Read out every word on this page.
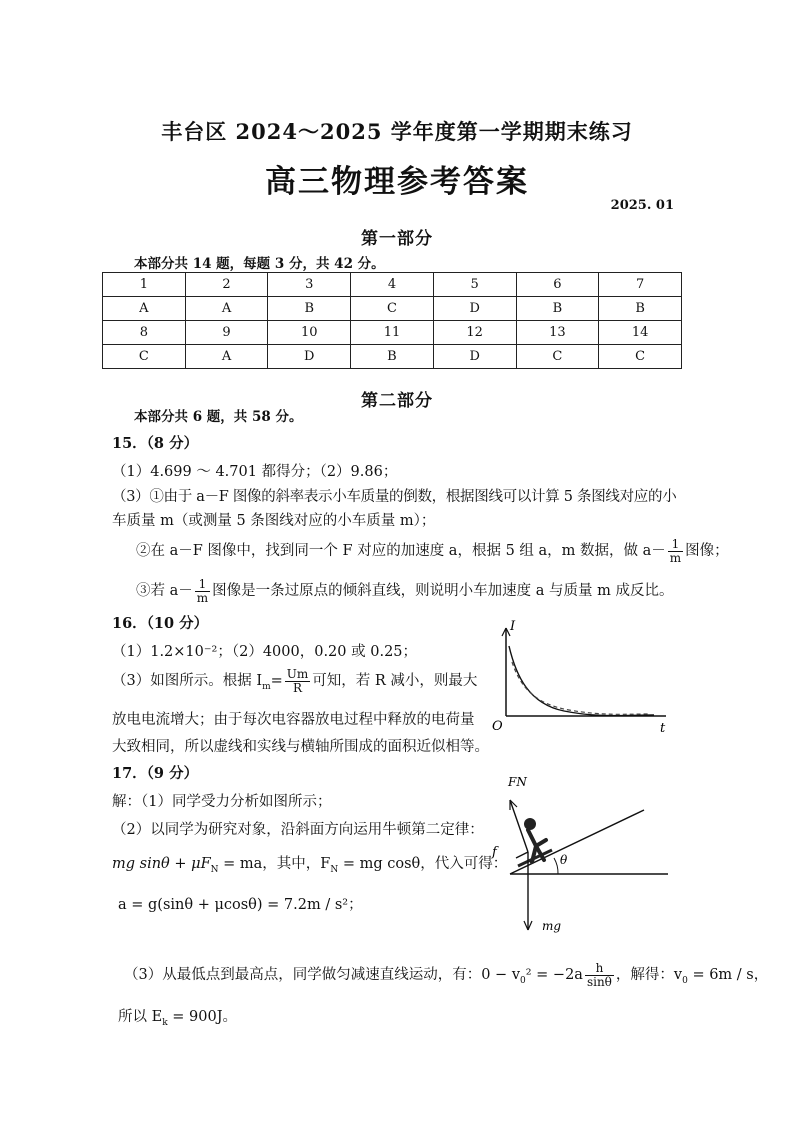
丰台区 2024～2025 学年度第一学期期末练习
高三物理参考答案
2025. 01
第一部分
本部分共 14 题，每题 3 分，共 42 分。
1	2	3	4	5	6	7
A	A	B	C	D	B	B
8	9	10	11	12	13	14
C	A	D	B	D	C	C
第二部分
本部分共 6 题，共 58 分。
15．（8 分）
（1）4.699 ～ 4.701 都得分；（2）9.86；
（3）①由于 a－F 图像的斜率表示小车质量的倒数，根据图线可以计算 5 条图线对应的小
车质量 m（或测量 5 条图线对应的小车质量 m）；
②在 a－F 图像中，找到同一个 F 对应的加速度 a，根据 5 组 a，m 数据，做 $a- \frac{1}{m}$ 图像；
③若 $a- \frac{1}{m}$ 图像是一条过原点的倾斜直线，则说明小车加速度 a 与质量 m 成反比。
16．（10 分）
（1）1.2×10⁻²；（2）4000，0.20 或 0.25；
（3）如图所示。根据 $I_m= \frac{Um}{R}$ 可知，若 R 减小，则最大
放电电流增大；由于每次电容器放电过程中释放的电荷量
大致相同，所以虚线和实线与横轴所围成的面积近似相等。
I
t
O
17．（9 分）
解：（1）同学受力分析如图所示；
（2）以同学为研究对象，沿斜面方向运用牛顿第二定律：
mg $\sin\theta + \mu F_N$ = ma，其中，$F_N$ = mg cosθ，代入可得：
a = g(sinθ + μcosθ) = 7.2m / s²；
（3）从最低点到最高点，同学做匀减速直线运动，有：$0 - v_0^2 = -2a \frac{h}{\sin\theta}$ ，解得：$v_0 = 6m / s$，
所以 $E_k = 900J$。
FN
f	θ
mg
